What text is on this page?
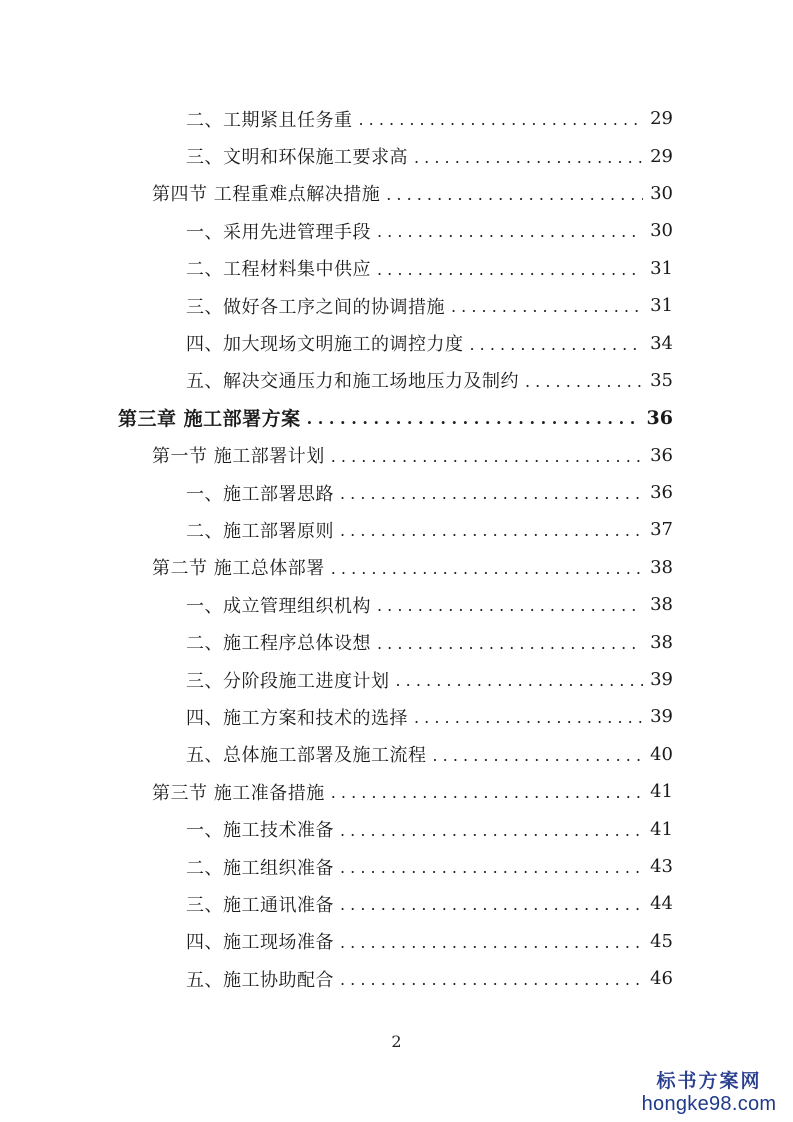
二、工期紧且任务重 . . .	29
三、文明和环保施工要求高 . . .	29
第四节 工程重难点解决措施 . . .	30
一、采用先进管理手段 . . .	30
二、工程材料集中供应 . . .	31
三、做好各工序之间的协调措施 . . .	31
四、加大现场文明施工的调控力度 . . .	34
五、解决交通压力和施工场地压力及制约 . . .	35
第三章 施工部署方案 . . .	36
第一节 施工部署计划 . . .	36
一、施工部署思路 . . .	36
二、施工部署原则 . . .	37
第二节 施工总体部署 . . .	38
一、成立管理组织机构 . . .	38
二、施工程序总体设想 . . .	38
三、分阶段施工进度计划 . . .	39
四、施工方案和技术的选择 . . .	39
五、总体施工部署及施工流程 . . .	40
第三节 施工准备措施 . . .	41
一、施工技术准备 . . .	41
二、施工组织准备 . . .	43
三、施工通讯准备 . . .	44
四、施工现场准备 . . .	45
五、施工协助配合 . . .	46
2
标书方案网
hongke98.com
